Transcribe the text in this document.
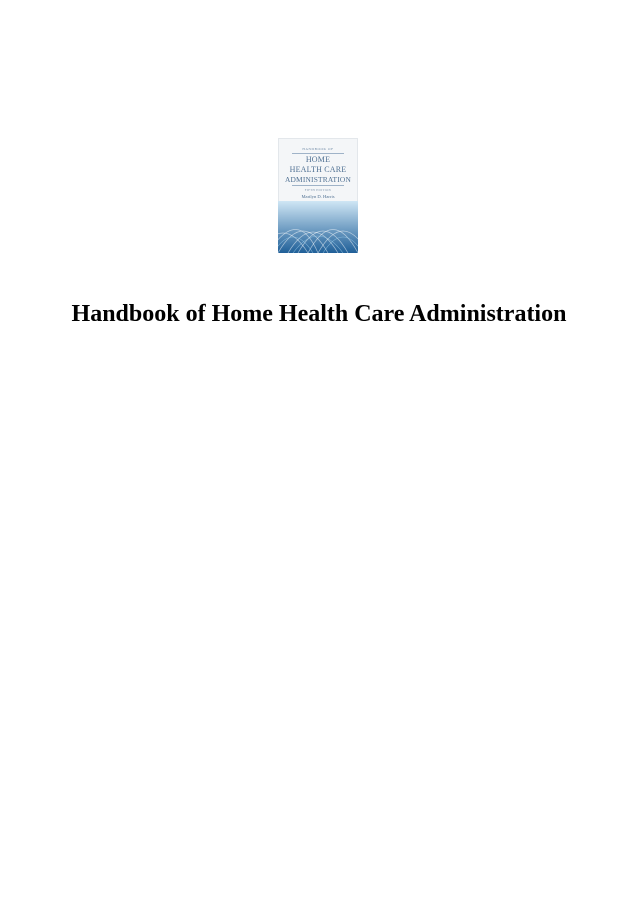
HANDBOOK OF
HOME
HEALTH CARE
ADMINISTRATION
FIFTH EDITION
Marilyn D. Harris
Handbook of Home Health Care Administration
